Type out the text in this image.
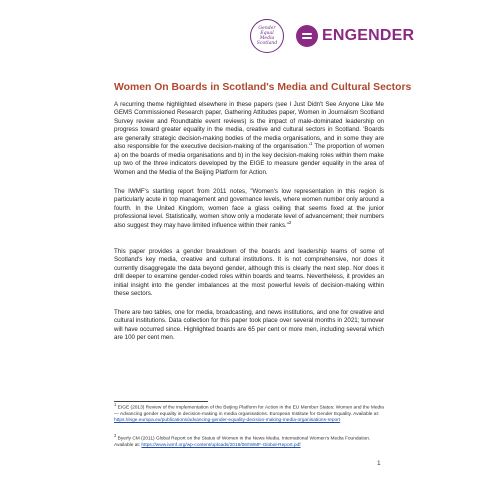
Gender
Equal
Media
Scotland	ENGENDER
Women On Boards in Scotland's Media and Cultural Sectors

A recurring theme highlighted elsewhere in these papers (see I Just Didn't See Anyone Like Me GEMS Commissioned Research paper, Gathering Attitudes paper, Women in Journalism Scotland Survey review and Roundtable event reviews) is the impact of male-dominated leadership on progress toward greater equality in the media, creative and cultural sectors in Scotland. 'Boards are generally strategic decision-making bodies of the media organisations, and in some they are also responsible for the executive decision-making of the $organisation.'^1$ The proportion of women a) on the boards of media organisations and b) in the key decision-making roles within them make up two of the three indicators developed by the EIGE to measure gender equality in the area of Women and the Media of the Beijing Platform for Action.

The IWMF's startling report from 2011 notes, "Women's low representation in this region is particularly acute in top management and governance levels, where women number only around a fourth. In the United Kingdom, women face a glass ceiling that seems fixed at the junior professional level. Statistically, women show only a moderate level of advancement; their numbers also suggest they may have limited influence within their ranks."$^2$

This paper provides a gender breakdown of the boards and leadership teams of some of Scotland's key media, creative and cultural institutions. It is not comprehensive, nor does it currently disaggregate the data beyond gender, although this is clearly the next step. Nor does it drill deeper to examine gender-coded roles within boards and teams. Nevertheless, it provides an initial insight into the gender imbalances at the most powerful levels of decision-making within these sectors.

There are two tables, one for media, broadcasting, and news institutions, and one for creative and cultural institutions. Data collection for this paper took place over several months in 2021; turnover will have occurred since. Highlighted boards are 65 per cent or more men, including several which are 100 per cent men.

$^1$ EIGE (2013) Review of the implementation of the Beijing Platform for Action in the EU Member States: Women and the Media — Advancing gender equality in decision-making in media organisations. European Institute for Gender Equality. Available at: https://eige.europa.eu/publications/advancing-gender-equality-decision-making-media-organisations-report
$^2$ Byerly CM (2011) Global Report on the Status of Women in the News Media. International Women's Media Foundation. Available at: https://www.iwmf.org/wp-content/uploads/2018/06/IWMF-Global-Report.pdf
1
